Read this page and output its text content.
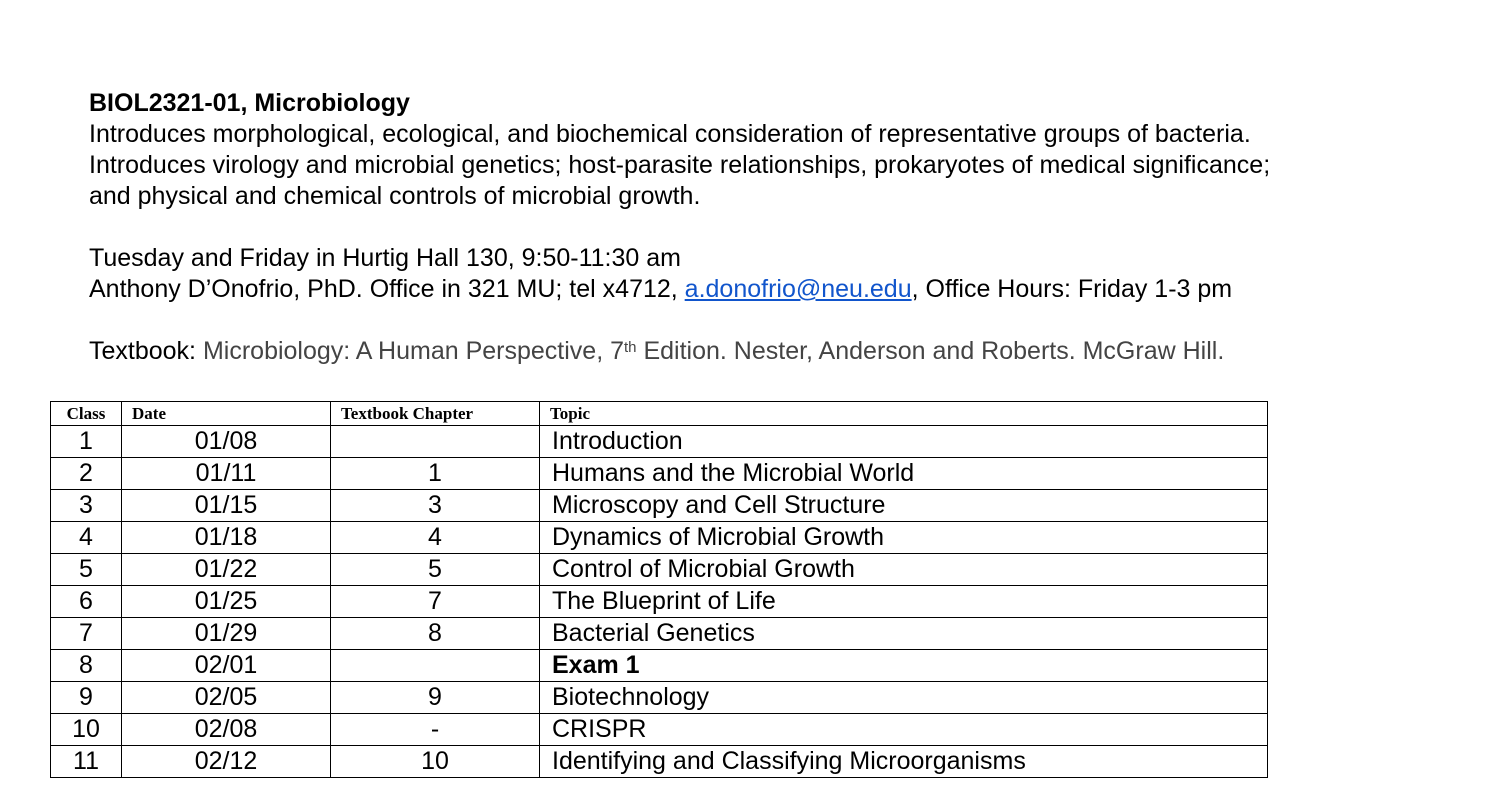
BIOL2321-01, Microbiology
Introduces morphological, ecological, and biochemical consideration of representative groups of bacteria.
Introduces virology and microbial genetics; host-parasite relationships, prokaryotes of medical significance;
and physical and chemical controls of microbial growth.
Tuesday and Friday in Hurtig Hall 130, 9:50-11:30 am
Anthony D’Onofrio, PhD. Office in 321 MU; tel x4712, a.donofrio@neu.edu, Office Hours: Friday 1-3 pm
Textbook: Microbiology: A Human Perspective, 7th Edition. Nester, Anderson and Roberts. McGraw Hill.
Class	Date	Textbook Chapter	Topic
1	01/08		Introduction
2	01/11	1	Humans and the Microbial World
3	01/15	3	Microscopy and Cell Structure
4	01/18	4	Dynamics of Microbial Growth
5	01/22	5	Control of Microbial Growth
6	01/25	7	The Blueprint of Life
7	01/29	8	Bacterial Genetics
8	02/01		Exam 1
9	02/05	9	Biotechnology
10	02/08	-	CRISPR
11	02/12	10	Identifying and Classifying Microorganisms
